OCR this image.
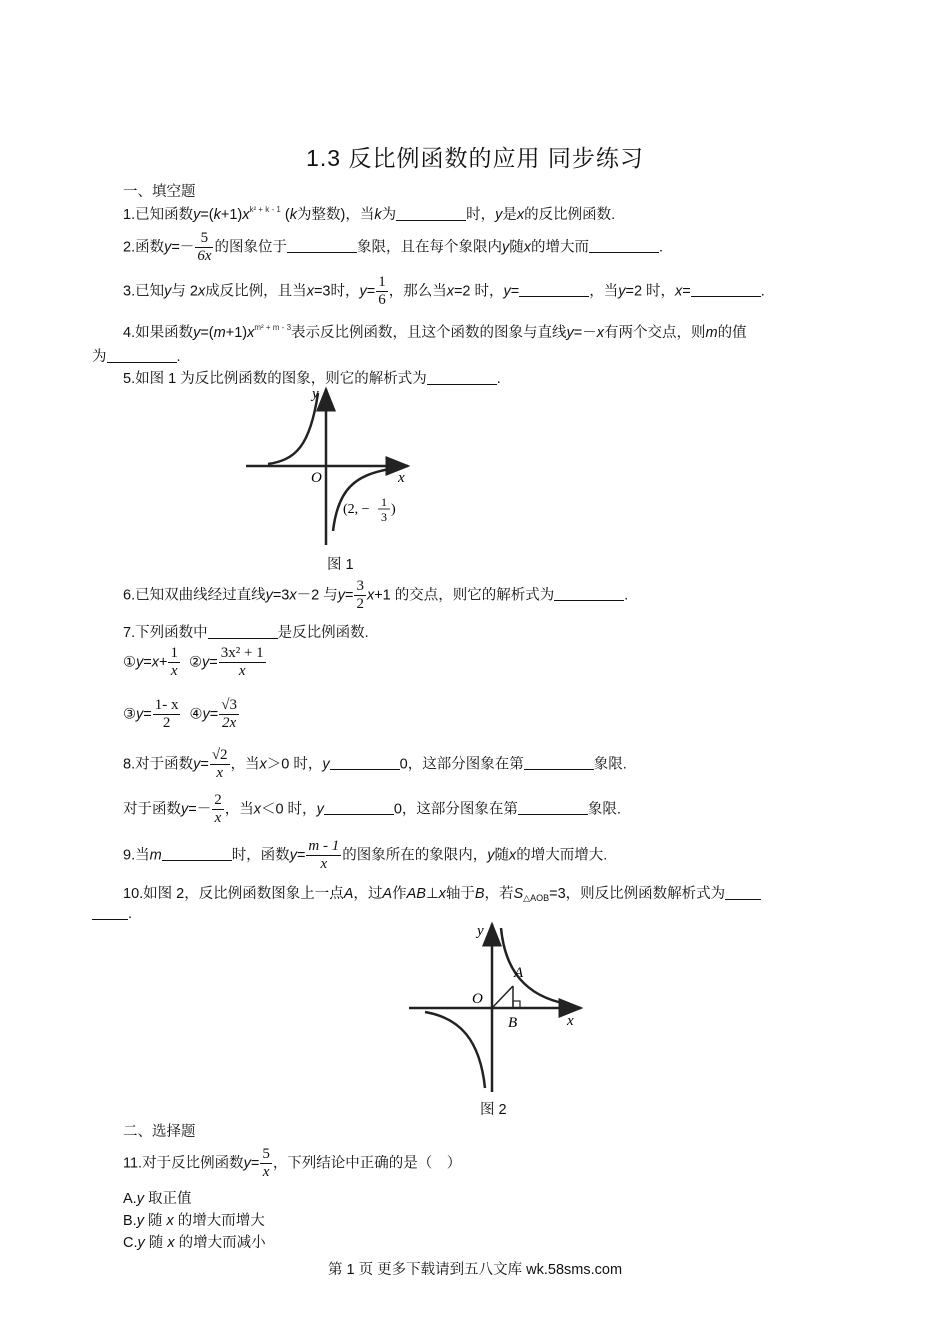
1.3 反比例函数的应用 同步练习
一、填空题
1.已知函数$y=(k+1)x^{k^2 + k - 1}$ (k为整数)，当k为	时，y是x的反比例函数.
2.函数$y=- \frac{5}{6x}$ 的图象位于	象限，且在每个象限内y随x的增大而	.
3.已知y与 2x成反比例，且当x=3时，$y= \frac{1}{6}$ ，那么当x=2 时，y=	，当y=2 时，x=	.
4.如果函数$y=(m+1)x^{m^2 + m - 3}$表示反比例函数，且这个函数的图象与直线y=－x有两个交点，则m的值
为	.
5.如图 1 为反比例函数的图象，则它的解析式为	.
y
x
O
(2, − 1
3 )
图 1
6.已知双曲线经过直线y=3x－2 与$y= \frac{3}{2} x+1$ 的交点，则它的解析式为	.
7.下列函数中	是反比例函数.
①y=x+ $\frac{1}{x}$ ②y= $\frac{\text{3x² + 1}}{x}$
③y= $\frac{1- x}{2}$ ④y= $\frac{√3}{2x}$
8.对于函数$y= \frac{√2}{x}$ ，当x＞0 时，y	0，这部分图象在第	象限.
对于函数$y=- \frac{2}{x}$ ，当x＜0 时，y	0，这部分图象在第	象限.
9.当m	时，函数$y= \frac{m - 1}{x}$ 的图象所在的象限内，y随x的增大而增大.
10.如图 2，反比例函数图象上一点A，过A作AB⊥x轴于B，若$S_{\triangle AOB}=3$，则反比例函数解析式为
.
y
x
O
A
B
图 2
二、选择题
11.对于反比例函数$y= \frac{5}{x}$ ，下列结论中正确的是（　）
A.y 取正值
B.y 随 x 的增大而增大
C.y 随 x 的增大而减小
第 1 页 更多下载请到五八文库 wk.58sms.com
